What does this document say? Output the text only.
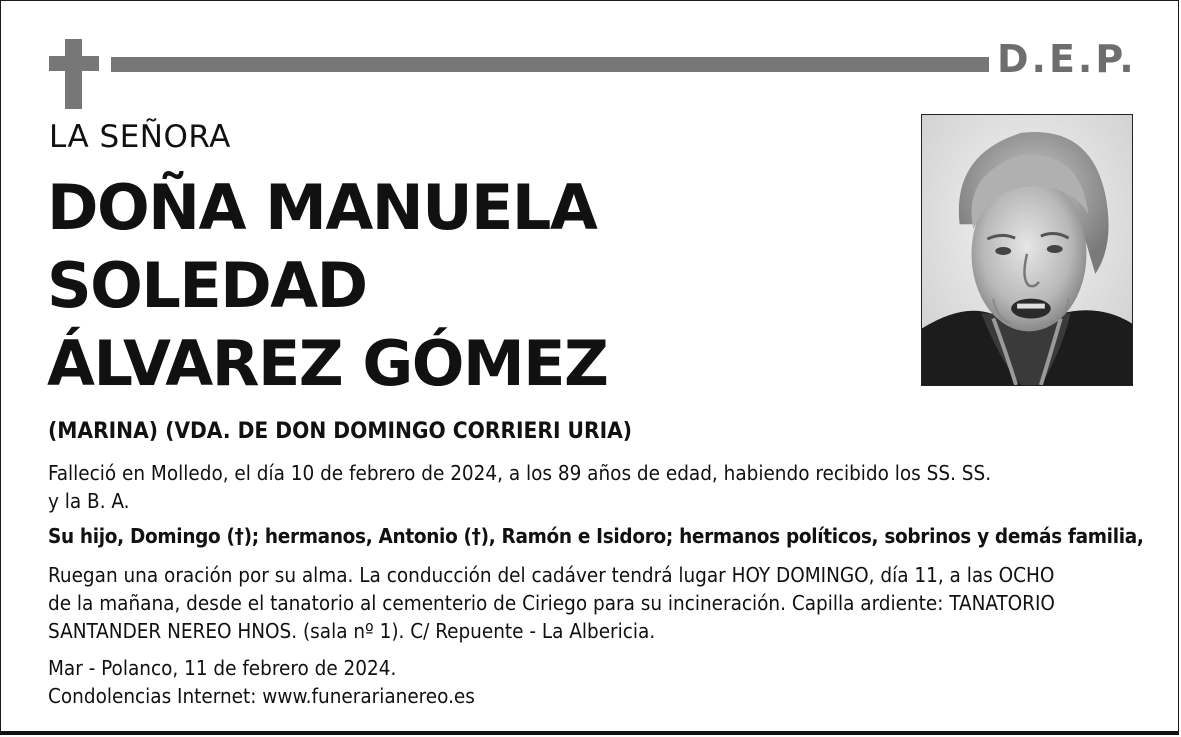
D.E.P.
LA SEÑORA
DOÑA MANUELA
SOLEDAD
ÁLVAREZ GÓMEZ
(MARINA) (VDA. DE DON DOMINGO CORRIERI URIA)
Falleció en Molledo, el día 10 de febrero de 2024, a los 89 años de edad, habiendo recibido los SS. SS.
y la B. A.
Su hijo, Domingo (†); hermanos, Antonio (†), Ramón e Isidoro; hermanos políticos, sobrinos y demás familia,
Ruegan una oración por su alma. La conducción del cadáver tendrá lugar HOY DOMINGO, día 11, a las OCHO
de la mañana, desde el tanatorio al cementerio de Ciriego para su incineración. Capilla ardiente: TANATORIO
SANTANDER NEREO HNOS. (sala nº 1). C/ Repuente - La Albericia.
Mar - Polanco, 11 de febrero de 2024.
Condolencias Internet: www.funerarianereo.es
